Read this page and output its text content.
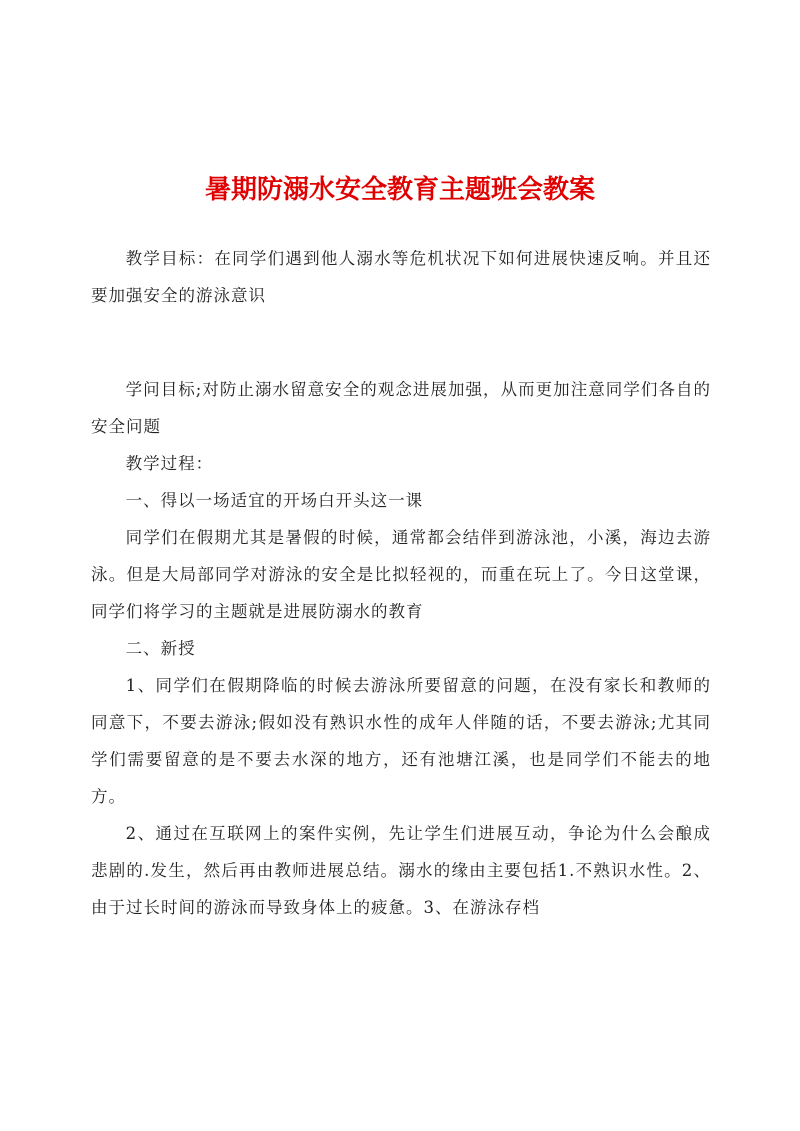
暑期防溺水安全教育主题班会教案

教学目标：在同学们遇到他人溺水等危机状况下如何进展快速反响。并且还要加强安全的游泳意识

学问目标;对防止溺水留意安全的观念进展加强，从而更加注意同学们各自的安全问题

教学过程：

一、得以一场适宜的开场白开头这一课

同学们在假期尤其是暑假的时候，通常都会结伴到游泳池，小溪，海边去游泳。但是大局部同学对游泳的安全是比拟轻视的，而重在玩上了。今日这堂课，同学们将学习的主题就是进展防溺水的教育

二、新授

1、同学们在假期降临的时候去游泳所要留意的问题，在没有家长和教师的同意下，不要去游泳;假如没有熟识水性的成年人伴随的话，不要去游泳;尤其同学们需要留意的是不要去水深的地方，还有池塘江溪，也是同学们不能去的地方。

2、通过在互联网上的案件实例，先让学生们进展互动，争论为什么会酿成悲剧的.发生，然后再由教师进展总结。溺水的缘由主要包括1.不熟识水性。2、由于过长时间的游泳而导致身体上的疲惫。3、在游泳存档
